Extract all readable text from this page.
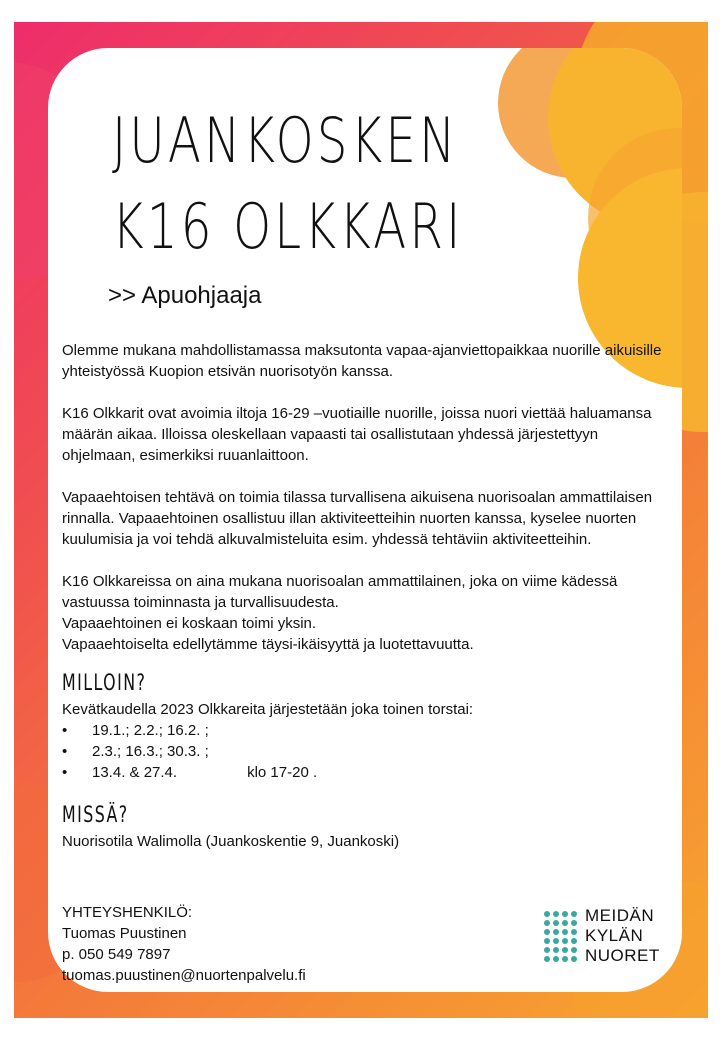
JUANKOSKEN
K16 OLKKARI
>> Apuohjaaja

Olemme mukana mahdollistamassa maksutonta vapaa-ajanviettopaikkaa nuorille aikuisille yhteistyössä Kuopion etsivän nuorisotyön kanssa.

K16 Olkkarit ovat avoimia iltoja 16-29 –vuotiaille nuorille, joissa nuori viettää haluamansa määrän aikaa. Illoissa oleskellaan vapaasti tai osallistutaan yhdessä järjestettyyn ohjelmaan, esimerkiksi ruuanlaittoon.

Vapaaehtoisen tehtävä on toimia tilassa turvallisena aikuisena nuorisoalan ammattilaisen rinnalla. Vapaaehtoinen osallistuu illan aktiviteetteihin nuorten kanssa, kyselee nuorten kuulumisia ja voi tehdä alkuvalmisteluita esim. yhdessä tehtäviin aktiviteetteihin.

K16 Olkkareissa on aina mukana nuorisoalan ammattilainen, joka on viime kädessä vastuussa toiminnasta ja turvallisuudesta.

Vapaaehtoinen ei koskaan toimi yksin.

Vapaaehtoiselta edellytämme täysi-ikäisyyttä ja luotettavuutta.

MILLOIN?

Kevätkaudella 2023 Olkkareita järjestetään joka toinen torstai:

• 19.1.; 2.2.; 16.2. ;
• 2.3.; 16.3.; 30.3. ;
• 13.4. & 27.4.	klo 17-20 .
MISSÄ?

Nuorisotila Walimolla (Juankoskentie 9, Juankoski)

YHTEYSHENKILÖ:
Tuomas Puustinen
p. 050 549 7897
tuomas.puustinen@nuortenpalvelu.fi
MEIDÄN
KYLÄN
NUORET
